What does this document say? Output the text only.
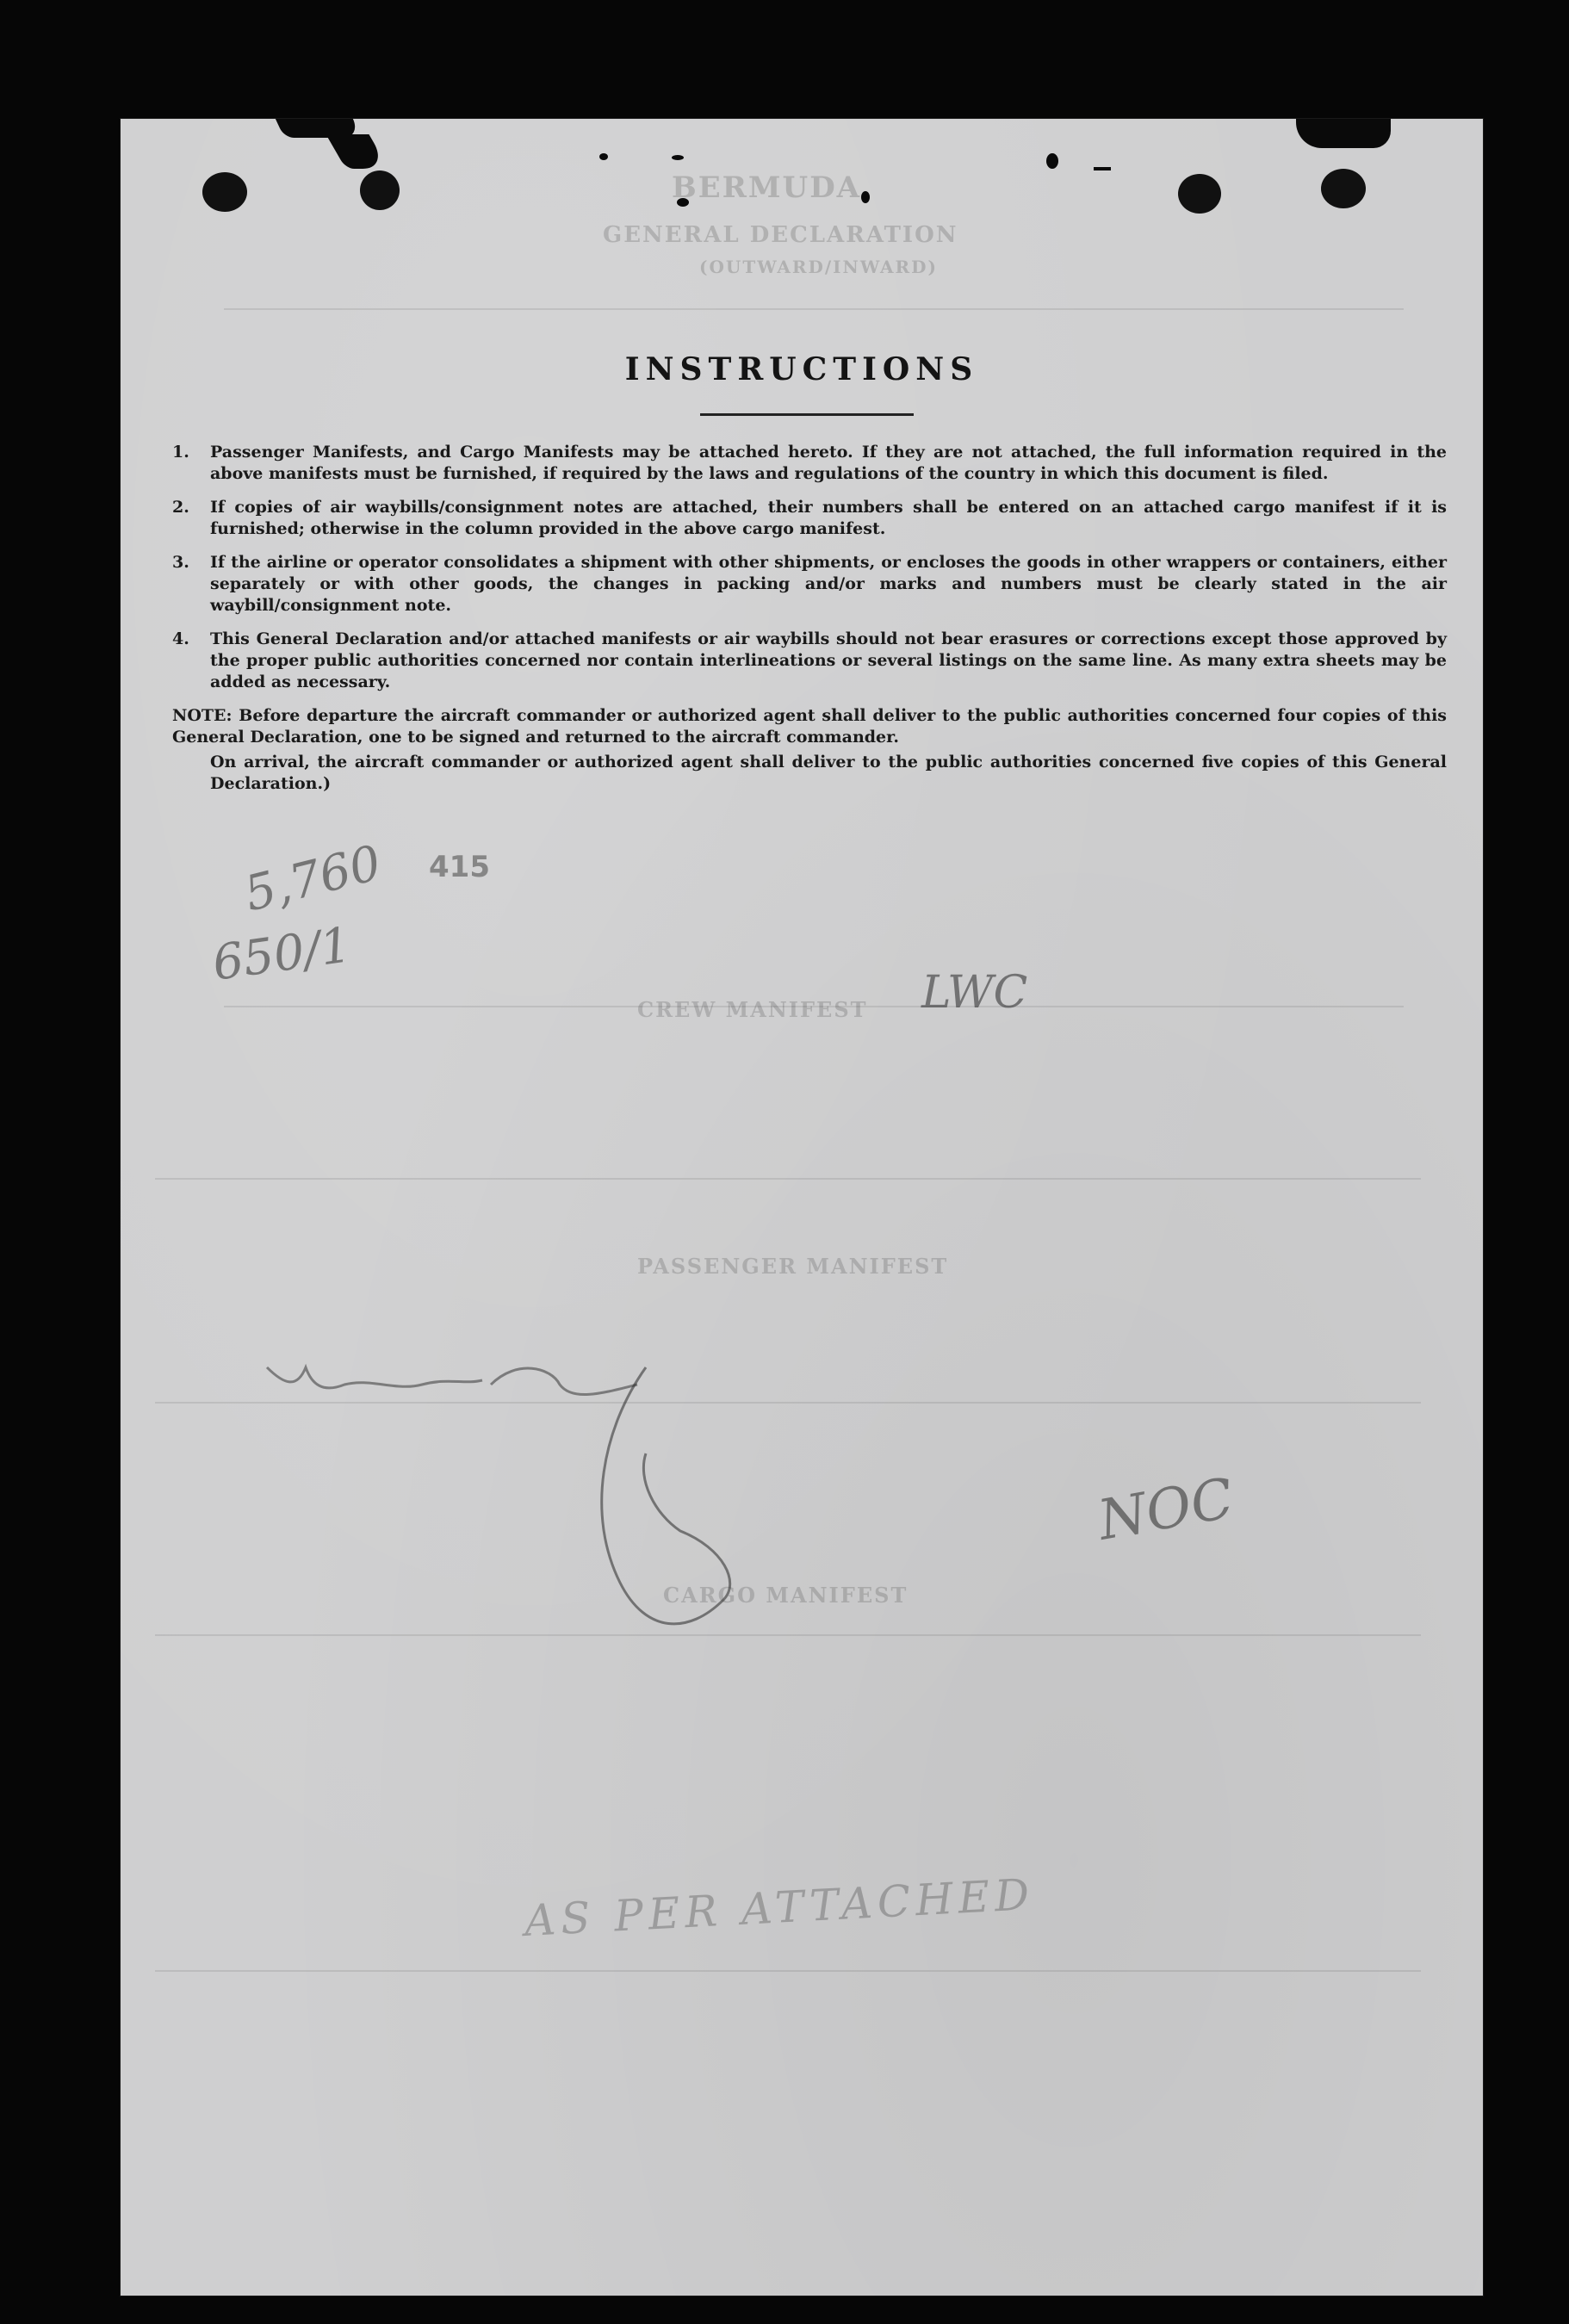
BERMUDA
GENERAL DECLARATION
(OUTWARD/INWARD)
CREW MANIFEST
PASSENGER MANIFEST
CARGO MANIFEST
INSTRUCTIONS
1.	Passenger Manifests, and Cargo Manifests may be attached hereto. If they are not attached, the full information required in the above manifests must be furnished, if required by the laws and regulations of the country in which this document is filed.
2.	If copies of air waybills/consignment notes are attached, their numbers shall be entered on an attached cargo manifest if it is furnished; otherwise in the column provided in the above cargo manifest.
3.	If the airline or operator consolidates a shipment with other shipments, or encloses the goods in other wrappers or containers, either separately or with other goods, the changes in packing and/or marks and numbers must be clearly stated in the air waybill/consignment note.
4.	This General Declaration and/or attached manifests or air waybills should not bear erasures or corrections except those approved by the proper public authorities concerned nor contain interlineations or several listings on the same line. As many extra sheets may be added as necessary.
NOTE: Before departure the aircraft commander or authorized agent shall deliver to the public authorities concerned four copies of this General Declaration, one to be signed and returned to the aircraft commander.
On arrival, the aircraft commander or authorized agent shall deliver to the public authorities concerned five copies of this General Declaration.)
415
5,760
650/1
LWC
NOC
AS PER ATTACHED
